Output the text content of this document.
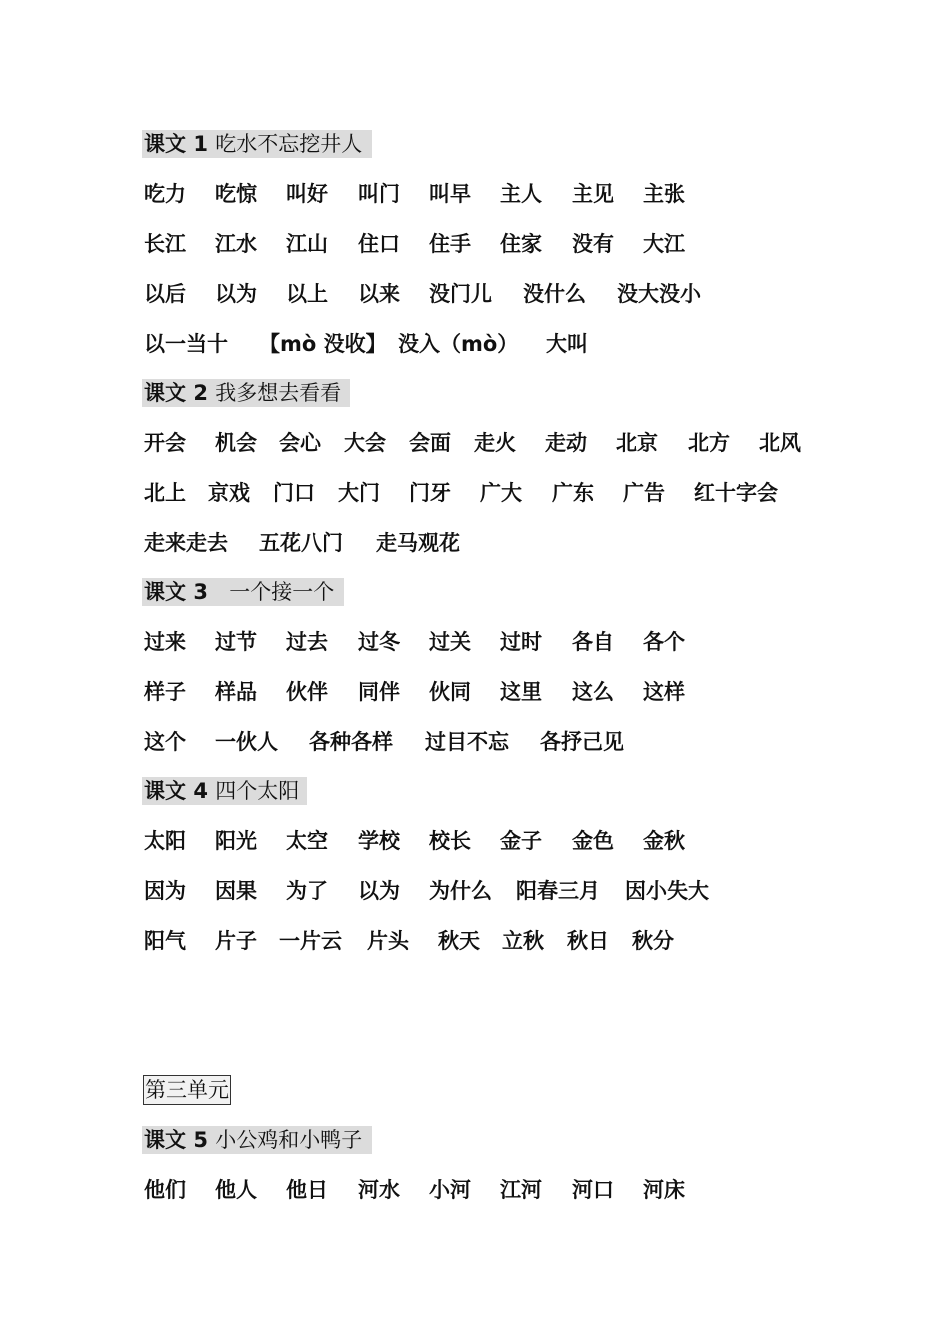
课文 1 吃水不忘挖井人
吃力 吃惊 叫好 叫门 叫早 主人 主见 主张
长江 江水 江山 住口 住手 住家 没有 大江
以后 以为 以上 以来 没门儿 没什么 没大没小
以一当十 【mò 没收】 没入（mò） 大叫
课文 2 我多想去看看
开会 机会 会心 大会 会面 走火 走动 北京 北方 北风
北上 京戏 门口 大门 门牙 广大 广东 广告 红十字会
走来走去 五花八门 走马观花
课文 3 一个接一个
过来 过节 过去 过冬 过关 过时 各自 各个
样子 样品 伙伴 同伴 伙同 这里 这么 这样
这个 一伙人 各种各样 过目不忘 各抒己见
课文 4 四个太阳
太阳 阳光 太空 学校 校长 金子 金色 金秋
因为 因果 为了 以为 为什么 阳春三月 因小失大
阳气 片子 一片云 片头 秋天 立秋 秋日 秋分
第三单元
课文 5 小公鸡和小鸭子
他们 他人 他日 河水 小河 江河 河口 河床
